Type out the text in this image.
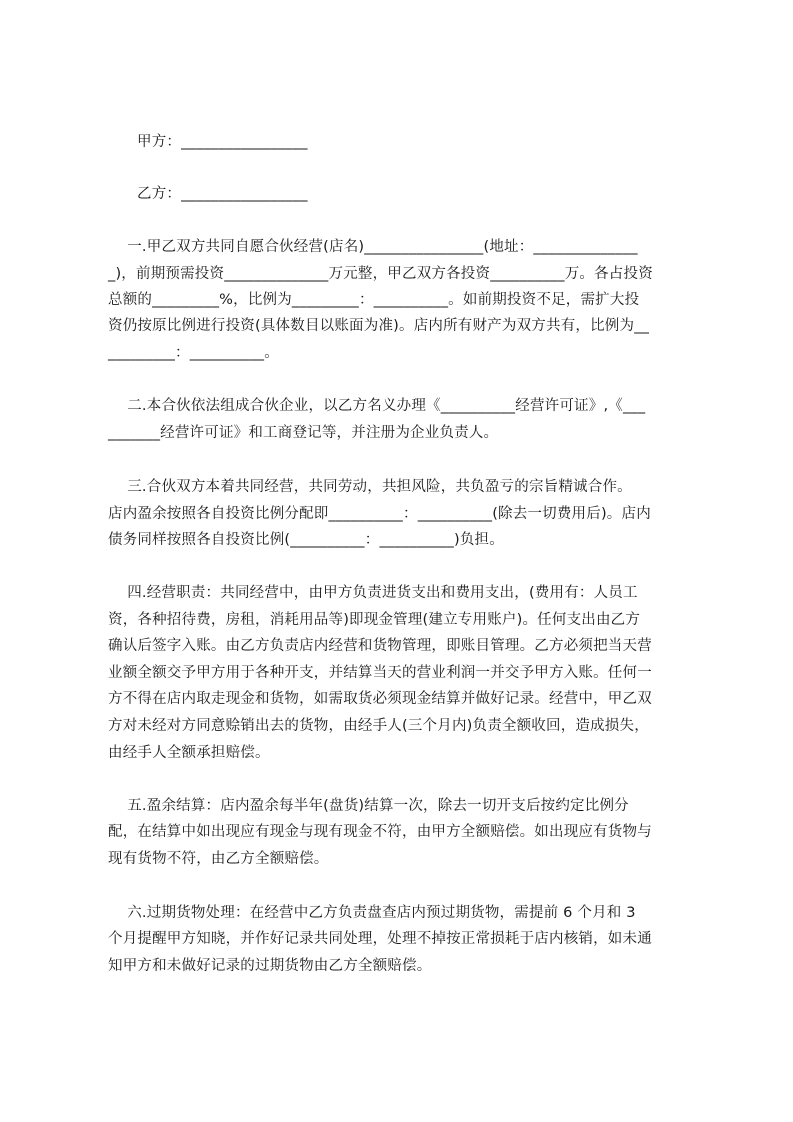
甲方：_________________
乙方：_________________
一.甲乙双方共同自愿合伙经营(店名)________________(地址：______________
_)，前期预需投资______________万元整，甲乙双方各投资__________万。各占投资
总额的_________%，比例为_________：__________。如前期投资不足，需扩大投
资仍按原比例进行投资(具体数目以账面为准)。店内所有财产为双方共有，比例为__
_________：__________。
二.本合伙依法组成合伙企业，以乙方名义办理《__________经营许可证》,《___
_______经营许可证》和工商登记等，并注册为企业负责人。
三.合伙双方本着共同经营，共同劳动，共担风险，共负盈亏的宗旨精诚合作。
店内盈余按照各自投资比例分配即__________：__________(除去一切费用后)。店内
债务同样按照各自投资比例(__________：__________)负担。
四.经营职责：共同经营中，由甲方负责进货支出和费用支出，(费用有：人员工
资，各种招待费，房租，消耗用品等)即现金管理(建立专用账户)。任何支出由乙方
确认后签字入账。由乙方负责店内经营和货物管理，即账目管理。乙方必须把当天营
业额全额交予甲方用于各种开支，并结算当天的营业利润一并交予甲方入账。任何一
方不得在店内取走现金和货物，如需取货必须现金结算并做好记录。经营中，甲乙双
方对未经对方同意赊销出去的货物，由经手人(三个月内)负责全额收回，造成损失，
由经手人全额承担赔偿。
五.盈余结算：店内盈余每半年(盘货)结算一次，除去一切开支后按约定比例分
配，在结算中如出现应有现金与现有现金不符，由甲方全额赔偿。如出现应有货物与
现有货物不符，由乙方全额赔偿。
六.过期货物处理：在经营中乙方负责盘查店内预过期货物，需提前 6 个月和 3
个月提醒甲方知晓，并作好记录共同处理，处理不掉按正常损耗于店内核销，如未通
知甲方和未做好记录的过期货物由乙方全额赔偿。
